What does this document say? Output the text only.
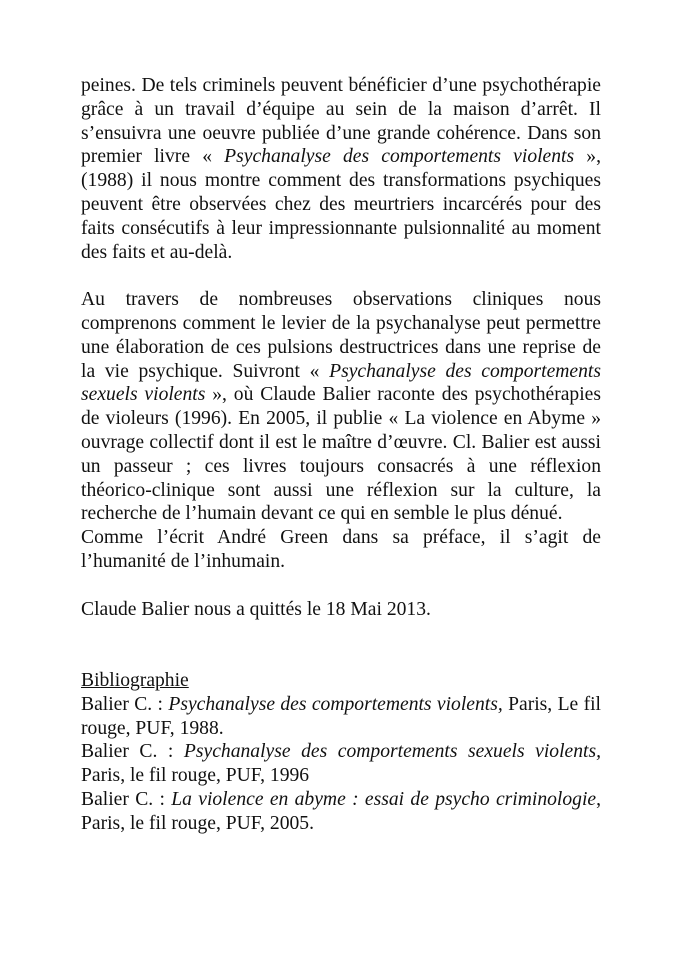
peines. De tels criminels peuvent bénéficier d’une psychothérapie grâce à un travail d’équipe au sein de la maison d’arrêt. Il s’ensuivra une oeuvre publiée d’une grande cohérence. Dans son premier livre « Psychanalyse des comportements violents », (1988) il nous montre comment des transformations psychiques peuvent être observées chez des meurtriers incarcérés pour des faits consécutifs à leur impressionnante pulsionnalité au moment des faits et au-delà.

Au travers de nombreuses observations cliniques nous comprenons comment le levier de la psychanalyse peut permettre une élaboration de ces pulsions destructrices dans une reprise de la vie psychique. Suivront « Psychanalyse des comportements sexuels violents », où Claude Balier raconte des psychothérapies de violeurs (1996). En 2005, il publie « La violence en Abyme » ouvrage collectif dont il est le maître d’œuvre. Cl. Balier est aussi un passeur ; ces livres toujours consacrés à une réflexion théorico-clinique sont aussi une réflexion sur la culture, la recherche de l’humain devant ce qui en semble le plus dénué.

Comme l’écrit André Green dans sa préface, il s’agit de l’humanité de l’inhumain.

Claude Balier nous a quittés le 18 Mai 2013.

Bibliographie

Balier C. : Psychanalyse des comportements violents, Paris, Le fil rouge, PUF, 1988.

Balier C. : Psychanalyse des comportements sexuels violents, Paris, le fil rouge, PUF, 1996

Balier C. : La violence en abyme : essai de psycho criminologie, Paris, le fil rouge, PUF, 2005.
